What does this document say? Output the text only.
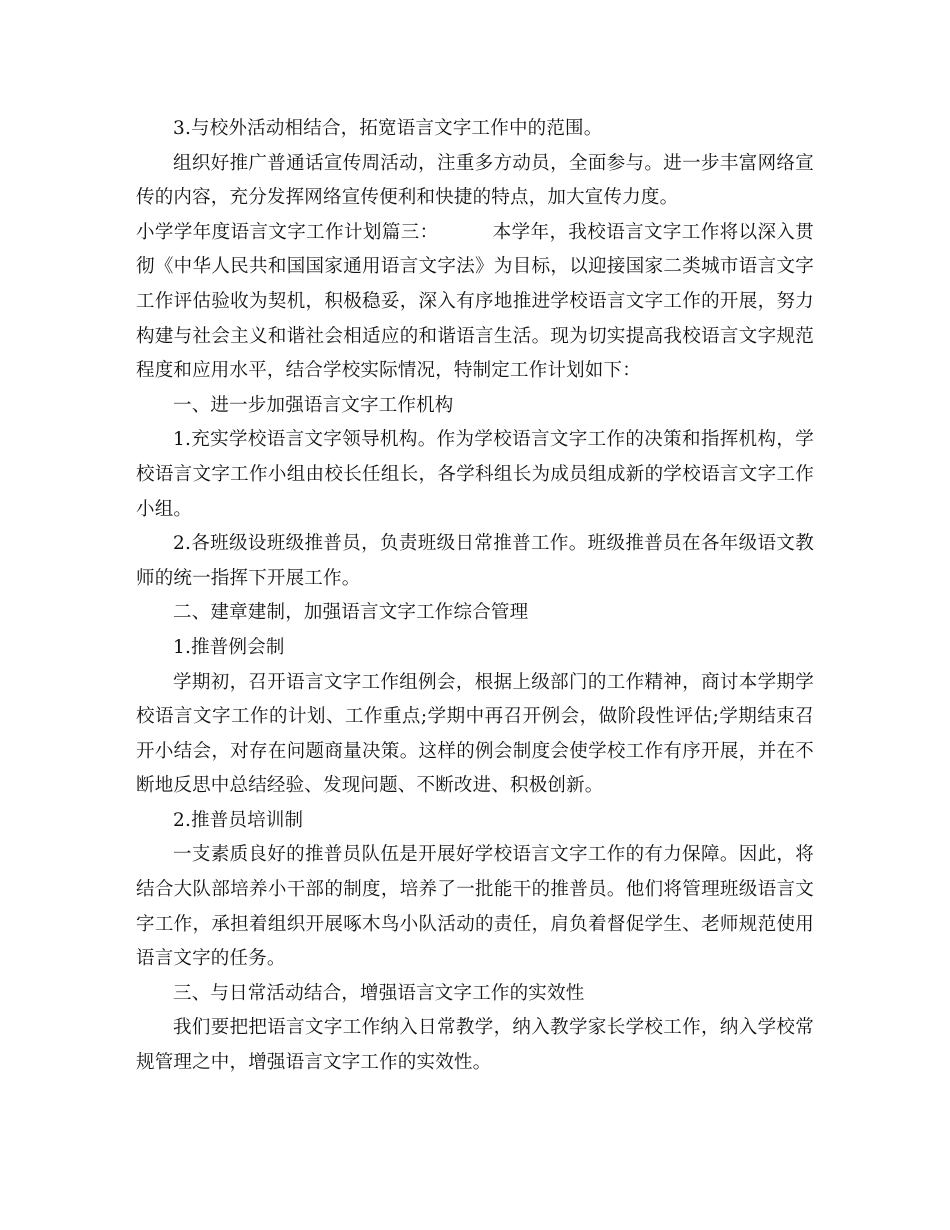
3.与校外活动相结合，拓宽语言文字工作中的范围。

组织好推广普通话宣传周活动，注重多方动员，全面参与。进一步丰富网络宣传的内容，充分发挥网络宣传便利和快捷的特点，加大宣传力度。

小学学年度语言文字工作计划篇三：	本学年，我校语言文字工作将以深入贯彻《中华人民共和国国家通用语言文字法》为目标，以迎接国家二类城市语言文字工作评估验收为契机，积极稳妥，深入有序地推进学校语言文字工作的开展，努力构建与社会主义和谐社会相适应的和谐语言生活。现为切实提高我校语言文字规范程度和应用水平，结合学校实际情况，特制定工作计划如下：

一、进一步加强语言文字工作机构

1.充实学校语言文字领导机构。作为学校语言文字工作的决策和指挥机构，学校语言文字工作小组由校长任组长，各学科组长为成员组成新的学校语言文字工作小组。

2.各班级设班级推普员，负责班级日常推普工作。班级推普员在各年级语文教师的统一指挥下开展工作。

二、建章建制，加强语言文字工作综合管理

1.推普例会制

学期初，召开语言文字工作组例会，根据上级部门的工作精神，商讨本学期学校语言文字工作的计划、工作重点;学期中再召开例会，做阶段性评估;学期结束召开小结会，对存在问题商量决策。这样的例会制度会使学校工作有序开展，并在不断地反思中总结经验、发现问题、不断改进、积极创新。

2.推普员培训制

一支素质良好的推普员队伍是开展好学校语言文字工作的有力保障。因此，将结合大队部培养小干部的制度，培养了一批能干的推普员。他们将管理班级语言文字工作，承担着组织开展啄木鸟小队活动的责任，肩负着督促学生、老师规范使用语言文字的任务。

三、与日常活动结合，增强语言文字工作的实效性

我们要把把语言文字工作纳入日常教学，纳入教学家长学校工作，纳入学校常规管理之中，增强语言文字工作的实效性。
